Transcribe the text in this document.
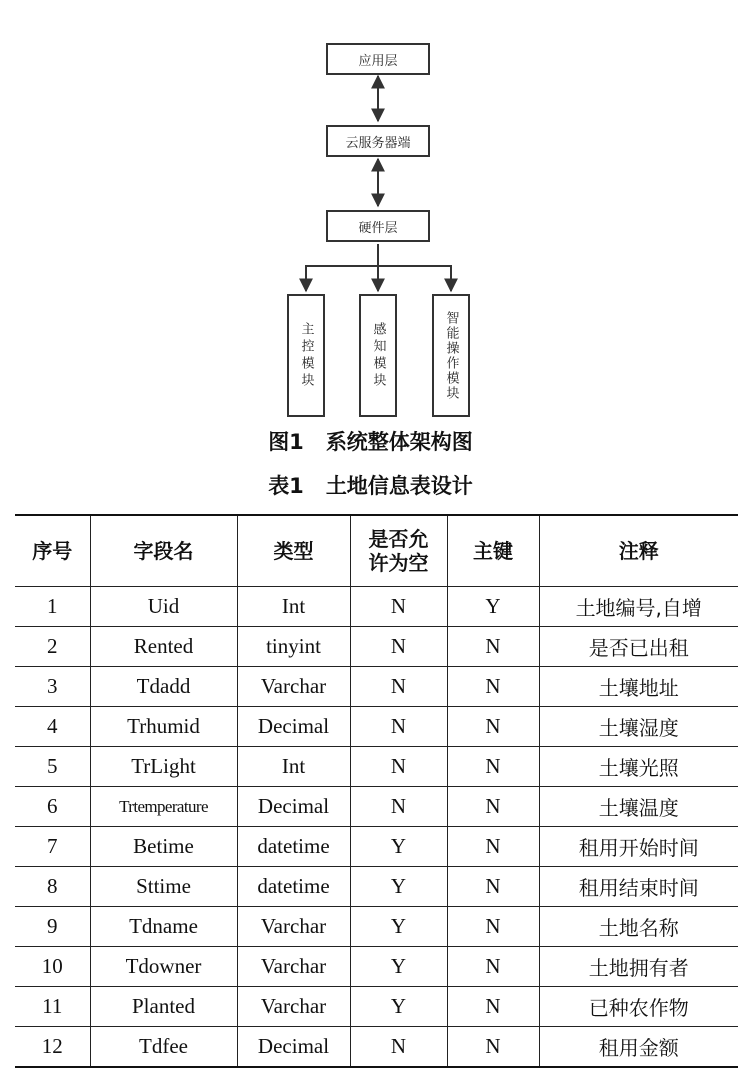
应用层
云服务器端
硬件层
主控模块	感知模块	智能操作模块
图1 系统整体架构图
表1 土地信息表设计
序号	字段名	类型	是否允许为空	主键	注释
1	Uid	Int	N	Y	土地编号,自增
2	Rented	tinyint	N	N	是否已出租
3	Tdadd	Varchar	N	N	土壤地址
4	Trhumid	Decimal	N	N	土壤湿度
5	TrLight	Int	N	N	土壤光照
6	Trtemperature	Decimal	N	N	土壤温度
7	Betime	datetime	Y	N	租用开始时间
8	Sttime	datetime	Y	N	租用结束时间
9	Tdname	Varchar	Y	N	土地名称
10	Tdowner	Varchar	Y	N	土地拥有者
11	Planted	Varchar	Y	N	已种农作物
12	Tdfee	Decimal	N	N	租用金额
